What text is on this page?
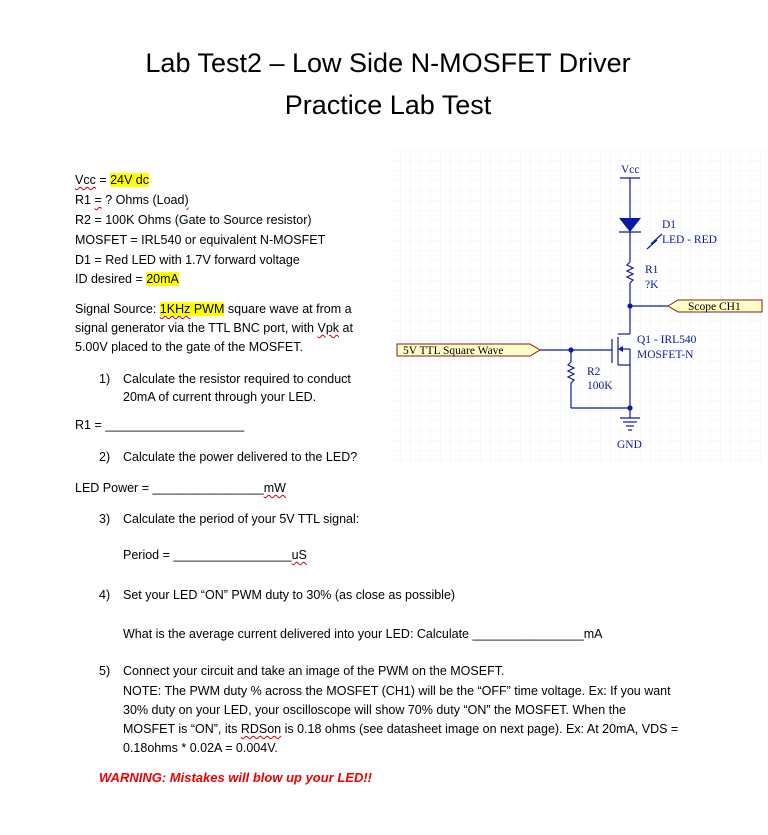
Lab Test2 – Low Side N-MOSFET Driver
Practice Lab Test
Vcc = 24V dc
R1 = ? Ohms (Load)
R2 = 100K Ohms (Gate to Source resistor)
MOSFET = IRL540 or equivalent N-MOSFET
D1 = Red LED with 1.7V forward voltage
ID desired = 20mA
Signal Source: 1KHz PWM square wave at from a
signal generator via the TTL BNC port, with Vpk at
5.00V placed to the gate of the MOSFET.
1) Calculate the resistor required to conduct
20mA of current through your LED.
R1 = ____________________
2) Calculate the power delivered to the LED?
LED Power = ________________mW
3) Calculate the period of your 5V TTL signal:
Period = _________________uS
4) Set your LED “ON” PWM duty to 30% (as close as possible)
What is the average current delivered into your LED: Calculate ________________mA
5) Connect your circuit and take an image of the PWM on the MOSEFT.
NOTE: The PWM duty % across the MOSFET (CH1) will be the “OFF” time voltage. Ex: If you want
30% duty on your LED, your oscilloscope will show 70% duty “ON” the MOSFET. When the
MOSFET is “ON”, its RDSon is 0.18 ohms (see datasheet image on next page). Ex: At 20mA, VDS =
0.18ohms * 0.02A = 0.004V.
WARNING: Mistakes will blow up your LED!!
5V TTL Square Wave
Scope CH1
Vcc
D1
LED - RED
R1
?K
Q1 - IRL540
MOSFET-N
R2
100K
GND
